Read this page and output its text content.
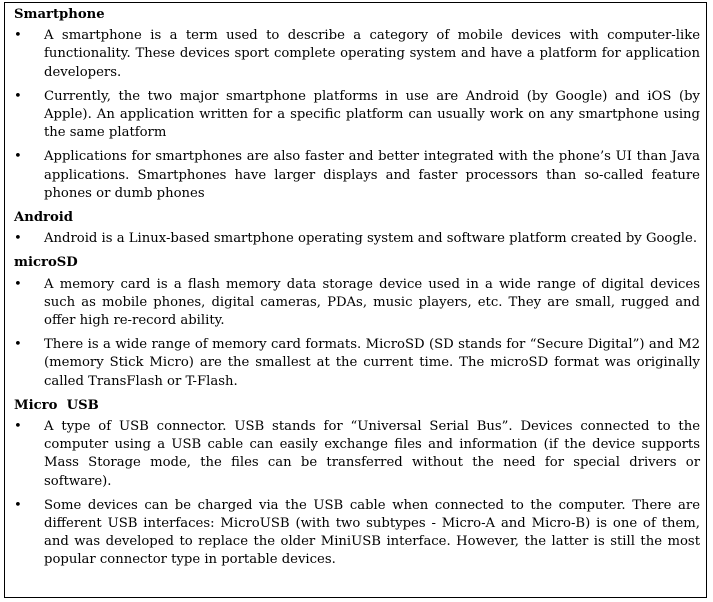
Smartphone
• A smartphone is a term used to describe a category of mobile devices with computer-like functionality. These devices sport complete operating system and have a platform for application developers.
• Currently, the two major smartphone platforms in use are Android (by Google) and iOS (by Apple). An application written for a specific platform can usually work on any smartphone using the same platform
• Applications for smartphones are also faster and better integrated with the phone’s UI than Java applications. Smartphones have larger displays and faster processors than so-called feature phones or dumb phones
Android
• Android is a Linux-based smartphone operating system and software platform created by Google.
microSD
• A memory card is a flash memory data storage device used in a wide range of digital devices such as mobile phones, digital cameras, PDAs, music players, etc. They are small, rugged and offer high re-record ability.
• There is a wide range of memory card formats. MicroSD (SD stands for “Secure Digital”) and M2 (memory Stick Micro) are the smallest at the current time. The microSD format was originally called TransFlash or T-Flash.
Micro  USB
• A type of USB connector. USB stands for “Universal Serial Bus”. Devices connected to the computer using a USB cable can easily exchange files and information (if the device supports Mass Storage mode, the files can be transferred without the need for special drivers or software).
• Some devices can be charged via the USB cable when connected to the computer. There are different USB interfaces: MicroUSB (with two subtypes - Micro-A and Micro-B) is one of them, and was developed to replace the older MiniUSB interface. However, the latter is still the most popular connector type in portable devices.
